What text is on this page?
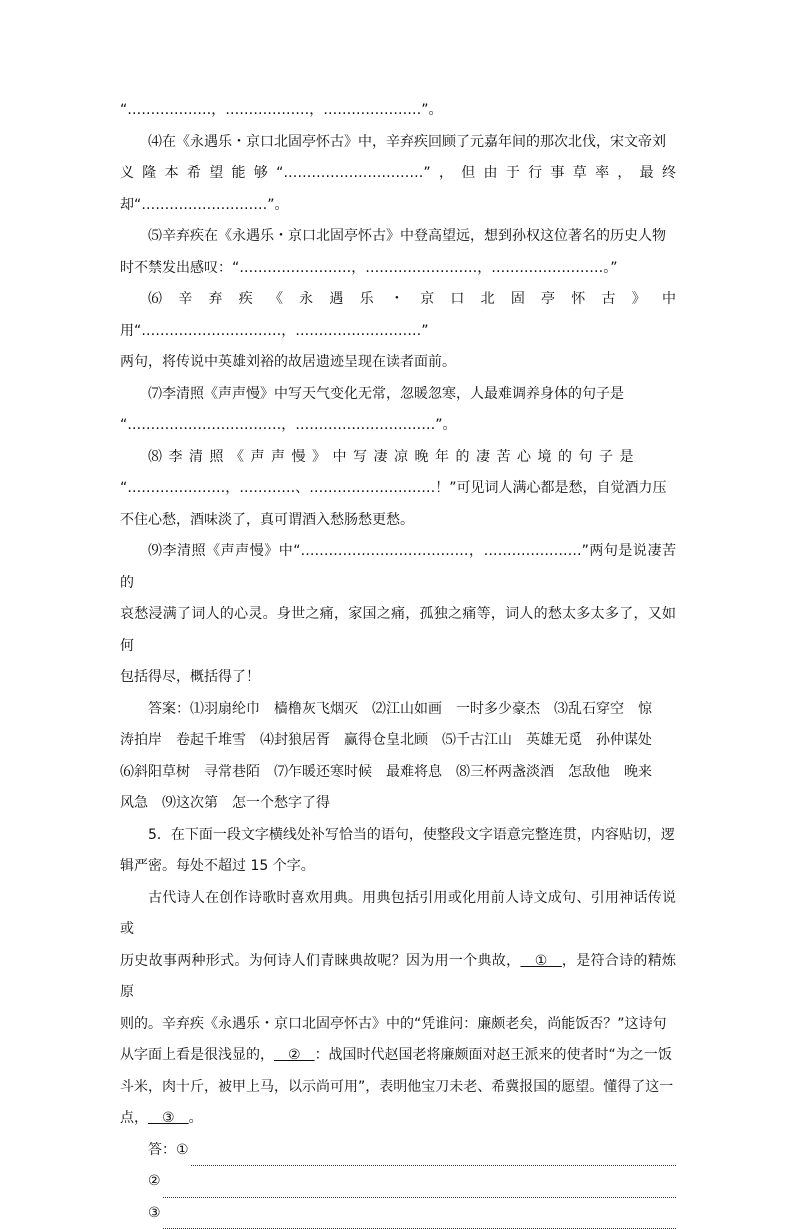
“………………，………………，…………………”。

⑷在《永遇乐・京口北固亭怀古》中，辛弃疾回顾了元嘉年间的那次北伐，宋文帝刘

义隆本希望能够“…………………………”，但由于行事草率，最终却“………………………”。

⑸辛弃疾在《永遇乐・京口北固亭怀古》中登高望远，想到孙权这位著名的历史人物

时不禁发出感叹：“……………………，……………………，……………………。”

⑹辛弃疾《永遇乐・京口北固亭怀古》中用“…………………………，………………………”

两句，将传说中英雄刘裕的故居遗迹呈现在读者面前。

⑺李清照《声声慢》中写天气变化无常，忽暖忽寒，人最难调养身体的句子是

“……………………………，…………………………”。

⑻李清照《声声慢》中写凄凉晚年的凄苦心境的句子是

“…………………，…………、………………………！”可见词人满心都是愁，自觉酒力压

不住心愁，酒味淡了，真可谓酒入愁肠愁更愁。

⑼李清照《声声慢》中“………………………………，…………………”两句是说凄苦的

哀愁浸满了词人的心灵。身世之痛，家国之痛，孤独之痛等，词人的愁太多太多了，又如何

包括得尽，概括得了！

答案：⑴羽扇纶巾　樯橹灰飞烟灭　⑵江山如画　一时多少豪杰　⑶乱石穿空　惊

涛拍岸　卷起千堆雪　⑷封狼居胥　赢得仓皇北顾　⑸千古江山　英雄无觅　孙仲谋处

⑹斜阳草树　寻常巷陌　⑺乍暖还寒时候　最难将息　⑻三杯两盏淡酒　怎敌他　晚来

风急　⑼这次第　怎一个愁字了得

5．在下面一段文字横线处补写恰当的语句，使整段文字语意完整连贯，内容贴切，逻

辑严密。每处不超过 15 个字。

古代诗人在创作诗歌时喜欢用典。用典包括引用或化用前人诗文成句、引用神话传说或

历史故事两种形式。为何诗人们青睐典故呢？因为用一个典故，＿①＿，是符合诗的精炼原

则的。辛弃疾《永遇乐・京口北固亭怀古》中的“凭谁问：廉颇老矣，尚能饭否？”这诗句

从字面上看是很浅显的，＿②＿：战国时代赵国老将廉颇面对赵王派来的使者时“为之一饭

斗米，肉十斤，被甲上马，以示尚可用”，表明他宝刀未老、希冀报国的愿望。懂得了这一

点，＿③＿。

答：①
②
③
